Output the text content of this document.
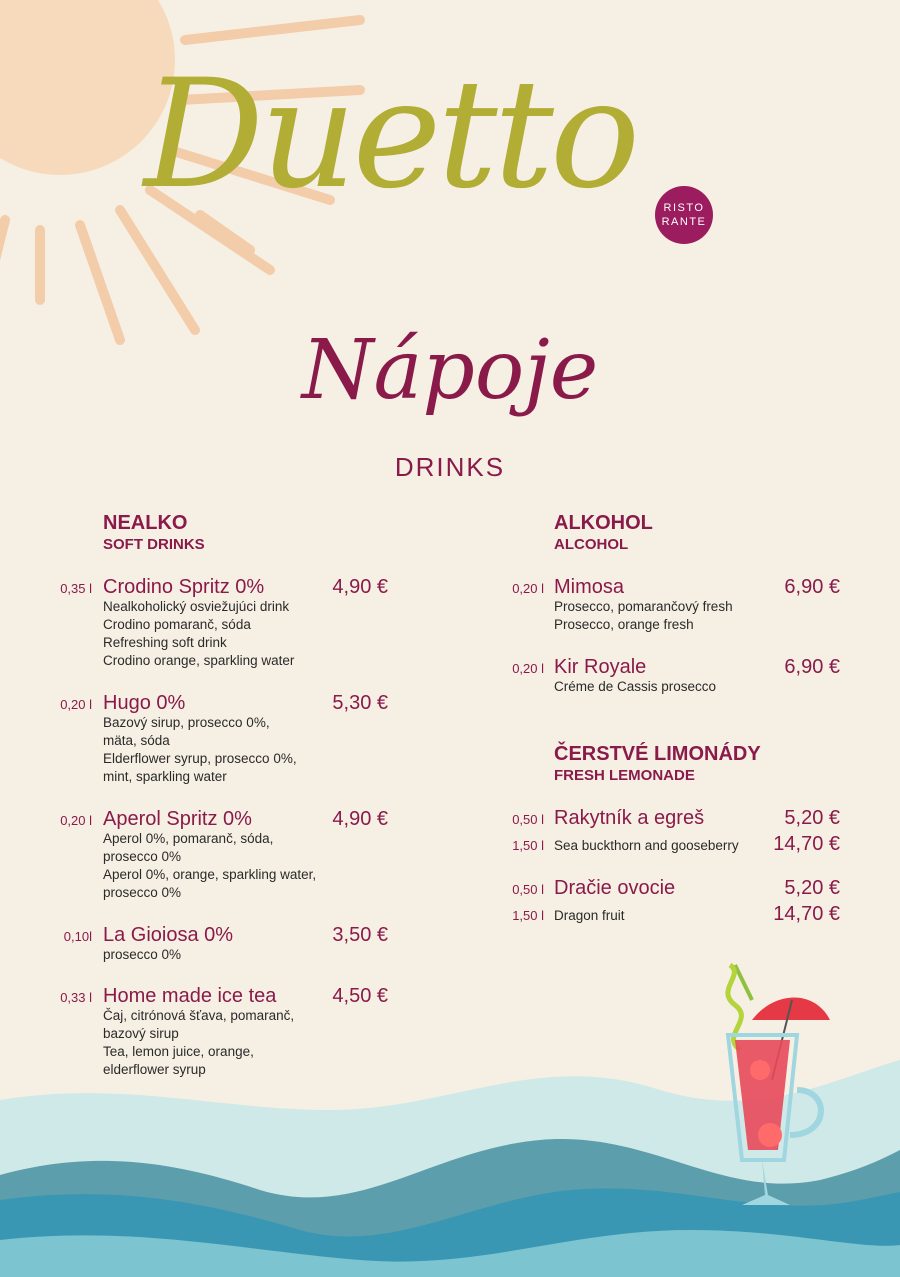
Duetto	RISTO
RANTE
Nápoje
DRINKS
NEALKO
SOFT DRINKS
0,35 l Crodino Spritz 0%	4,90 €
Nealkoholický osviežujúci drink
Crodino pomaranč, sóda
Refreshing soft drink
Crodino orange, sparkling water
0,20 l Hugo 0%	5,30 €
Bazový sirup, prosecco 0%,
mäta, sóda
Elderflower syrup, prosecco 0%,
mint, sparkling water
0,20 l Aperol Spritz 0%	4,90 €
Aperol 0%, pomaranč, sóda,
prosecco 0%
Aperol 0%, orange, sparkling water,
prosecco 0%
0,10l La Gioiosa 0%	3,50 €
prosecco 0%
0,33 l Home made ice tea	4,50 €
Čaj, citrónová šťava, pomaranč,
bazový sirup
Tea, lemon juice, orange,
elderflower syrup
ALKOHOL
ALCOHOL
0,20 l Mimosa	6,90 €
Prosecco, pomarančový fresh
Prosecco, orange fresh
0,20 l Kir Royale	6,90 €
Créme de Cassis prosecco
ČERSTVÉ LIMONÁDY
FRESH LEMONADE
0,50 l Rakytník a egreš	5,20 €
1,50 l Sea buckthorn and gooseberry	14,70 €
0,50 l Dračie ovocie	5,20 €
1,50 l Dragon fruit	14,70 €
